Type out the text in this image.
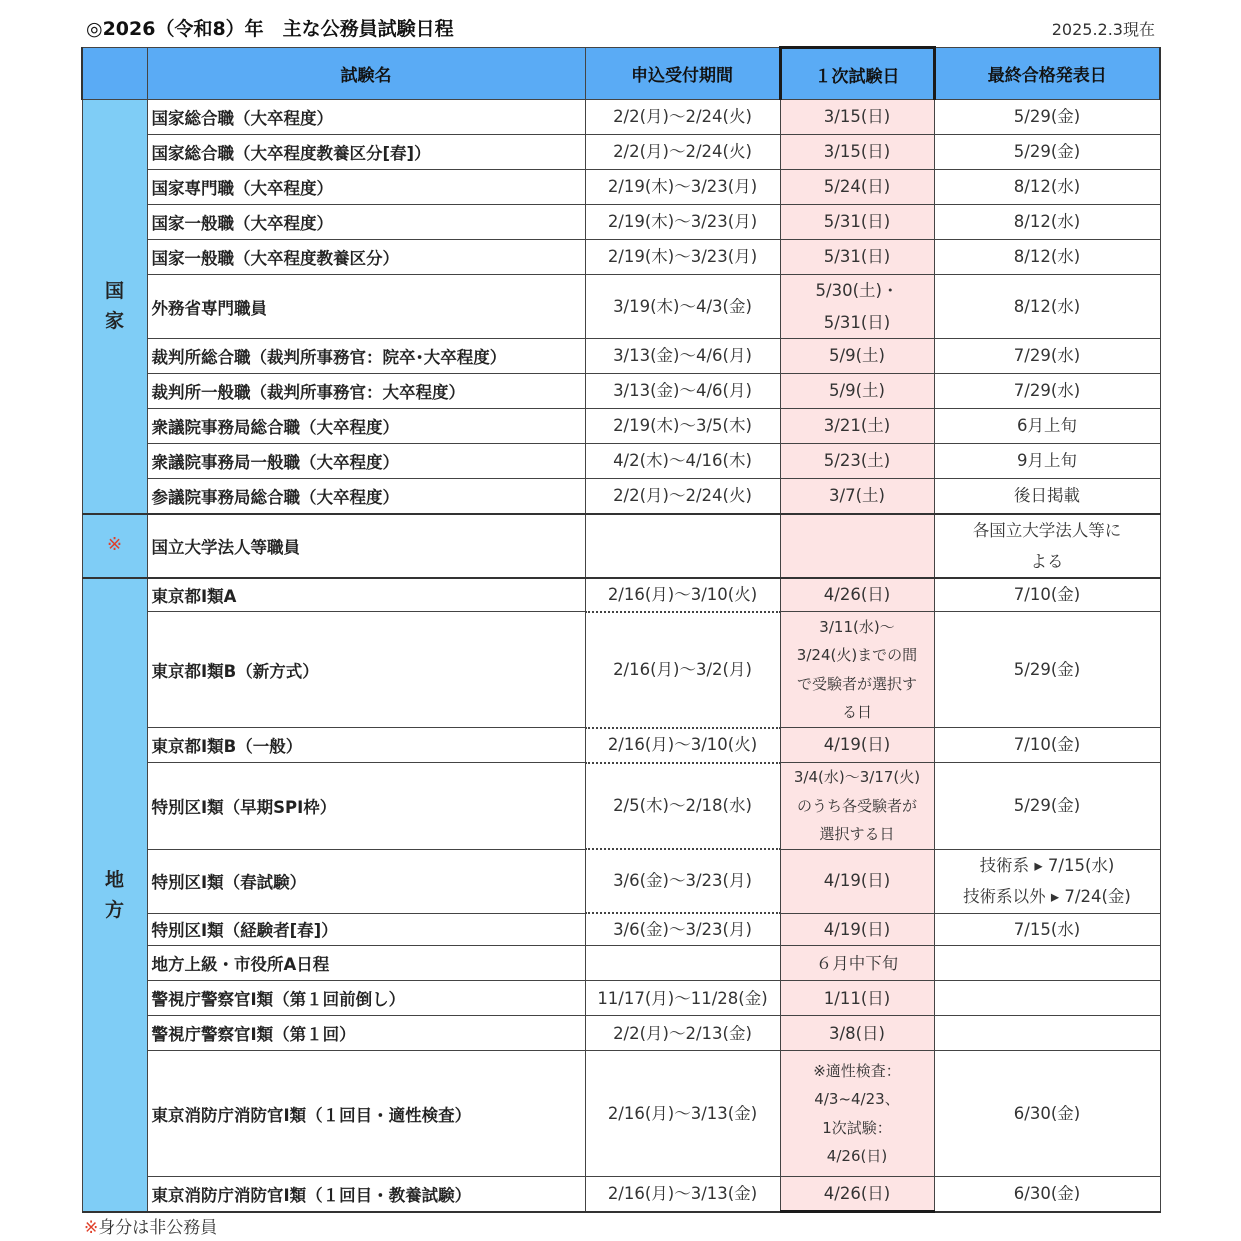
◎2026（令和8）年　主な公務員試験日程	2025.2.3現在
	試験名	申込受付期間	１次試験日	最終合格発表日

国
家	国家総合職（大卒程度）	2/2(月)～2/24(火)	3/15(日)	5/29(金)
	国家総合職（大卒程度教養区分[春]）	2/2(月)～2/24(火)	3/15(日)	5/29(金)
	国家専門職（大卒程度）	2/19(木)～3/23(月)	5/24(日)	8/12(水)
	国家一般職（大卒程度）	2/19(木)～3/23(月)	5/31(日)	8/12(水)
	国家一般職（大卒程度教養区分）	2/19(木)～3/23(月)	5/31(日)	8/12(水)
	外務省専門職員	3/19(木)～4/3(金)	5/30(土)・
5/31(日)	8/12(水)
	裁判所総合職（裁判所事務官：院卒･大卒程度）	3/13(金)～4/6(月)	5/9(土)	7/29(水)
	裁判所一般職（裁判所事務官：大卒程度）	3/13(金)～4/6(月)	5/9(土)	7/29(水)
	衆議院事務局総合職（大卒程度）	2/19(木)～3/5(木)	3/21(土)	6月上旬
	衆議院事務局一般職（大卒程度）	4/2(木)～4/16(木)	5/23(土)	9月上旬
	参議院事務局総合職（大卒程度）	2/2(月)～2/24(火)	3/7(土)	後日掲載
※	国立大学法人等職員			各国立大学法人等に
よる

地
方	東京都Ⅰ類A	2/16(月)～3/10(火)	4/26(日)	7/10(金)
	東京都Ⅰ類B（新方式）	2/16(月)～3/2(月)	3/11(水)～
3/24(火)までの間
で受験者が選択す
る日	5/29(金)
	東京都Ⅰ類B（一般）	2/16(月)～3/10(火)	4/19(日)	7/10(金)
	特別区Ⅰ類（早期SPI枠）	2/5(木)～2/18(水)	3/4(水)～3/17(火)
のうち各受験者が
選択する日	5/29(金)
	特別区Ⅰ類（春試験）	3/6(金)～3/23(月)	4/19(日)	技術系 ▸ 7/15(水)
技術系以外 ▸ 7/24(金)

	特別区Ⅰ類（経験者[春]）	3/6(金)～3/23(月)	4/19(日)	7/15(水)
	地方上級・市役所A日程		６月中下旬	
	警視庁警察官Ⅰ類（第１回前倒し）	11/17(月)～11/28(金)	1/11(日)	
	警視庁警察官Ⅰ類（第１回）	2/2(月)～2/13(金)	3/8(日)	
	東京消防庁消防官Ⅰ類（１回目・適性検査）	2/16(月)～3/13(金)	※適性検査：
4/3~4/23、
1次試験：
4/26(日)	6/30(金)
	東京消防庁消防官Ⅰ類（１回目・教養試験）	2/16(月)～3/13(金)	4/26(日)	6/30(金)
※身分は非公務員
